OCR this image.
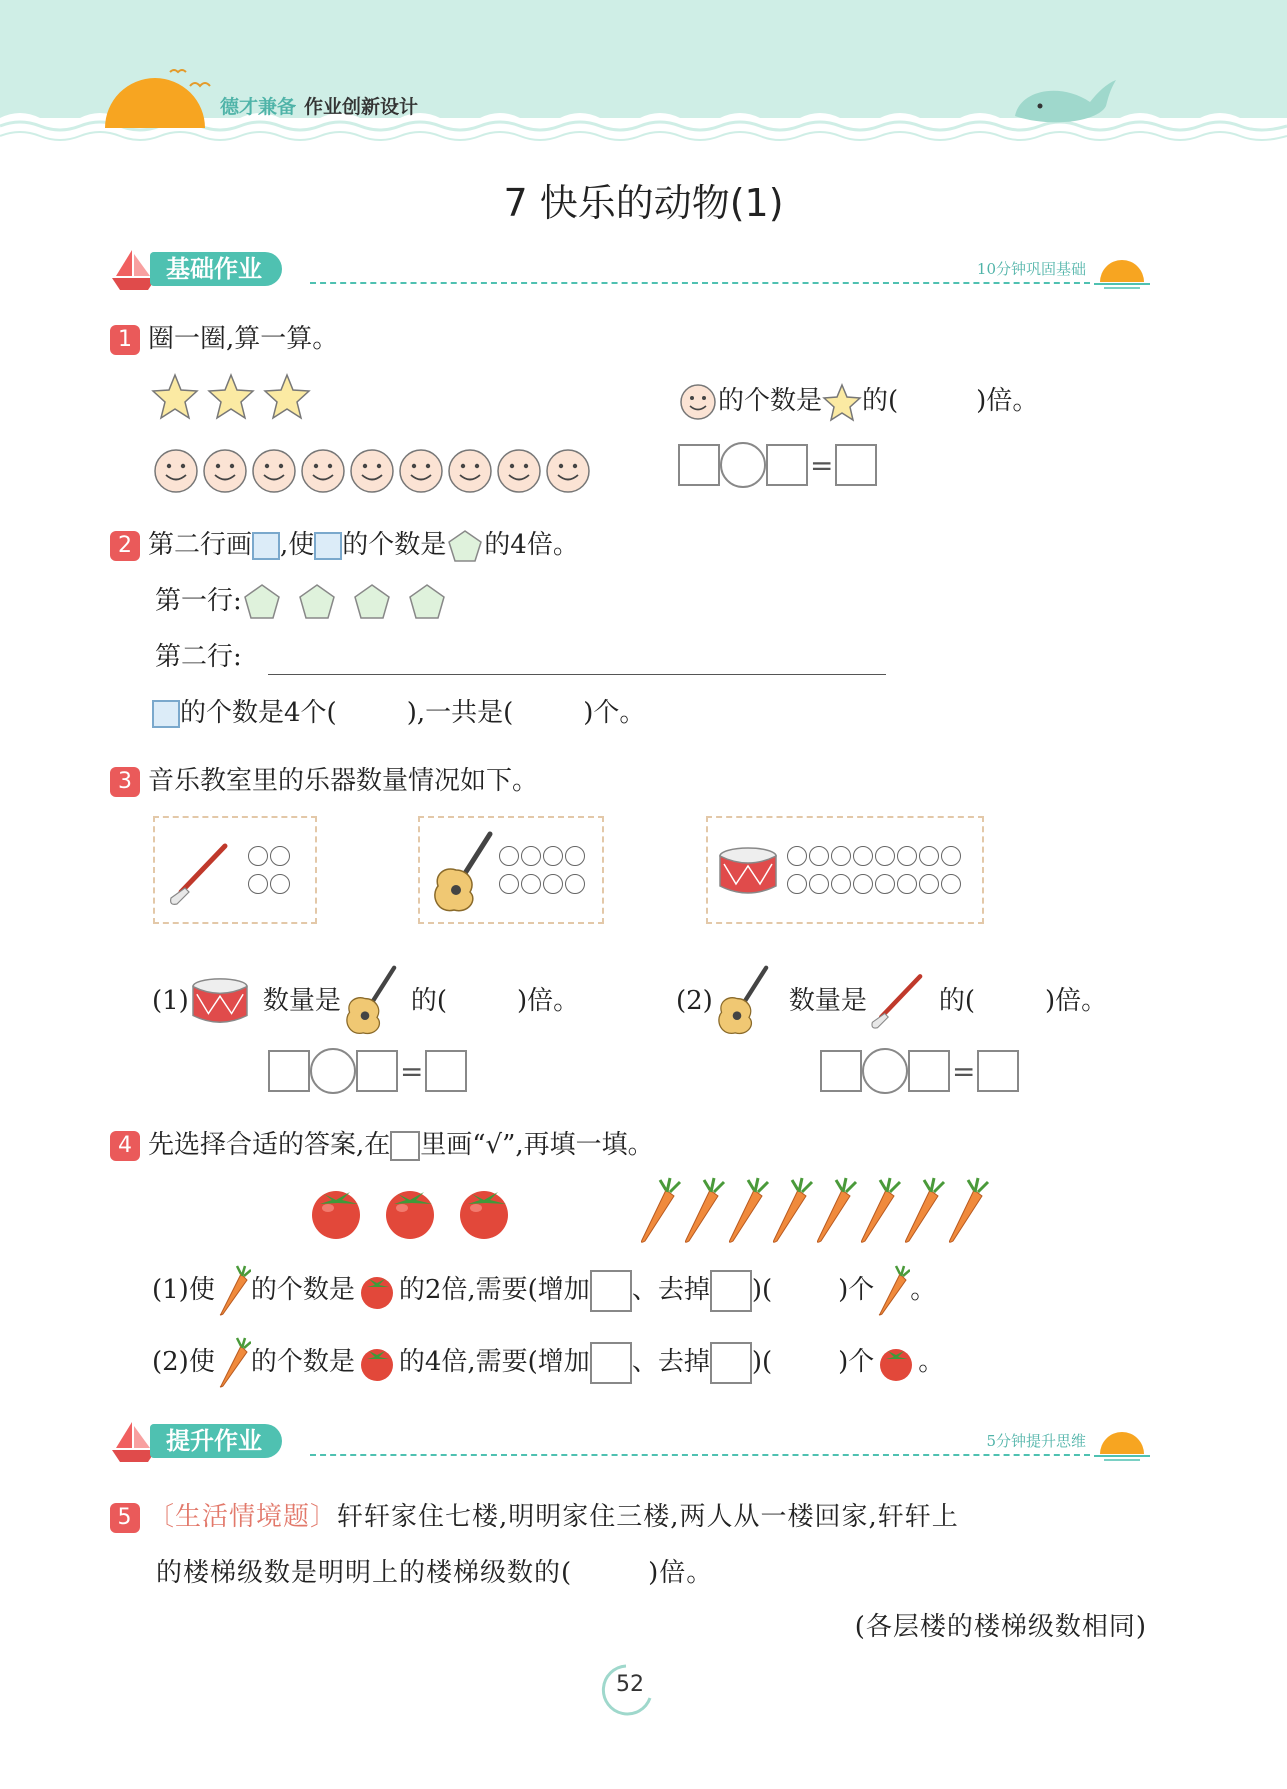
德才兼备 作业创新设计
7 快乐的动物(1)
基础作业	10分钟巩固基础
1 圈一圈,算一算。
的个数是 的(	)倍。
=
2 第二行画 ,使 的个数是 的4倍。
第一行:
第二行:
的个数是4个(	),一共是(	)个。
3 音乐教室里的乐器数量情况如下。
(1)	数量是	的(	)倍。	(2)	数量是	的(	)倍。
=	=
4 先选择合适的答案,在 里画“√”,再填一填。
(1)使 的个数是 的2倍,需要(增加 、去掉 )(	)个 。
(2)使 的个数是 的4倍,需要(增加 、去掉 )(	)个 。
提升作业	5分钟提升思维
5 〔生活情境题〕轩轩家住七楼,明明家住三楼,两人从一楼回家,轩轩上
的楼梯级数是明明上的楼梯级数的(	)倍。
(各层楼的楼梯级数相同)
52
